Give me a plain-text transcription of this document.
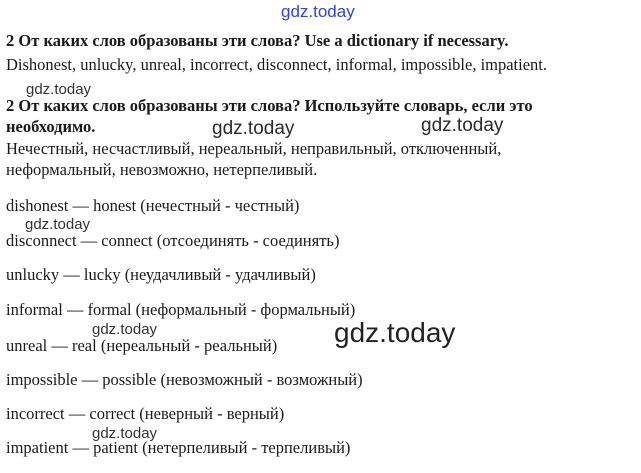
gdz.today
gdz.today
gdz.today	gdz.today
gdz.today
gdz.today	gdz.today
gdz.today
2 От каких слов образованы эти слова? Use a dictionary if necessary.
Dishonest, unlucky, unreal, incorrect, disconnect, informal, impossible, impatient.
2 От каких слов образованы эти слова? Используйте словарь, если это
необходимо.
Нечестный, несчастливый, нереальный, неправильный, отключенный,
неформальный, невозможно, нетерпеливый.
dishonest — honest (нечестный - честный)
disconnect — connect (отсоединять - соединять)
unlucky — lucky (неудачливый - удачливый)
informal — formal (неформальный - формальный)
unreal — real (нереальный - реальный)
impossible — possible (невозможный - возможный)
incorrect — correct (неверный - верный)
impatient — patient (нетерпеливый - терпеливый)
